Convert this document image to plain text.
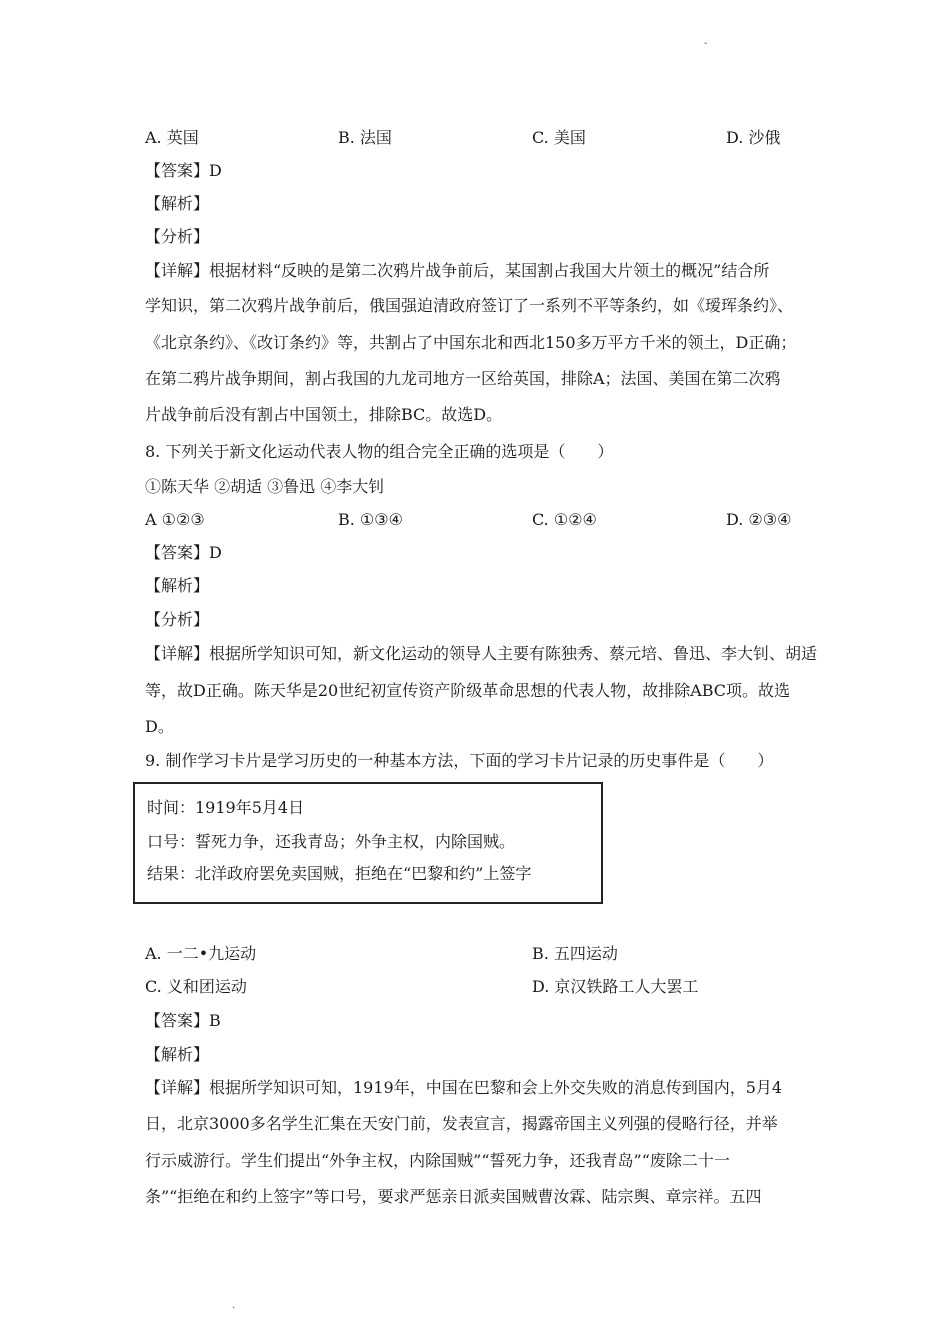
-
A. 英国	B. 法国	C. 美国	D. 沙俄
【答案】D
【解析】
【分析】
【详解】根据材料“反映的是第二次鸦片战争前后，某国割占我国大片领土的概况”结合所
学知识，第二次鸦片战争前后，俄国强迫清政府签订了一系列不平等条约，如《瑷珲条约》、
《北京条约》、《改订条约》等，共割占了中国东北和西北150多万平方千米的领土，D正确；
在第二鸦片战争期间，割占我国的九龙司地方一区给英国，排除A；法国、美国在第二次鸦
片战争前后没有割占中国领土，排除BC。故选D。
8. 下列关于新文化运动代表人物的组合完全正确的选项是（　　）
①陈天华 ②胡适 ③鲁迅 ④李大钊
A ①②③	B. ①③④	C. ①②④	D. ②③④
【答案】D
【解析】
【分析】
【详解】根据所学知识可知，新文化运动的领导人主要有陈独秀、蔡元培、鲁迅、李大钊、胡适
等，故D正确。陈天华是20世纪初宣传资产阶级革命思想的代表人物，故排除ABC项。故选
D。
9. 制作学习卡片是学习历史的一种基本方法，下面的学习卡片记录的历史事件是（　　）
时间：1919年5月4日
口号：誓死力争，还我青岛；外争主权，内除国贼。
结果：北洋政府罢免卖国贼，拒绝在“巴黎和约”上签字
A. 一二•九运动	B. 五四运动
C. 义和团运动	D. 京汉铁路工人大罢工
【答案】B
【解析】
【详解】根据所学知识可知，1919年，中国在巴黎和会上外交失败的消息传到国内，5月4
日，北京3000多名学生汇集在天安门前，发表宣言，揭露帝国主义列强的侵略行径，并举
行示威游行。学生们提出“外争主权，内除国贼”“誓死力争，还我青岛”“废除二十一
条”“拒绝在和约上签字”等口号，要求严惩亲日派卖国贼曹汝霖、陆宗舆、章宗祥。五四
.
